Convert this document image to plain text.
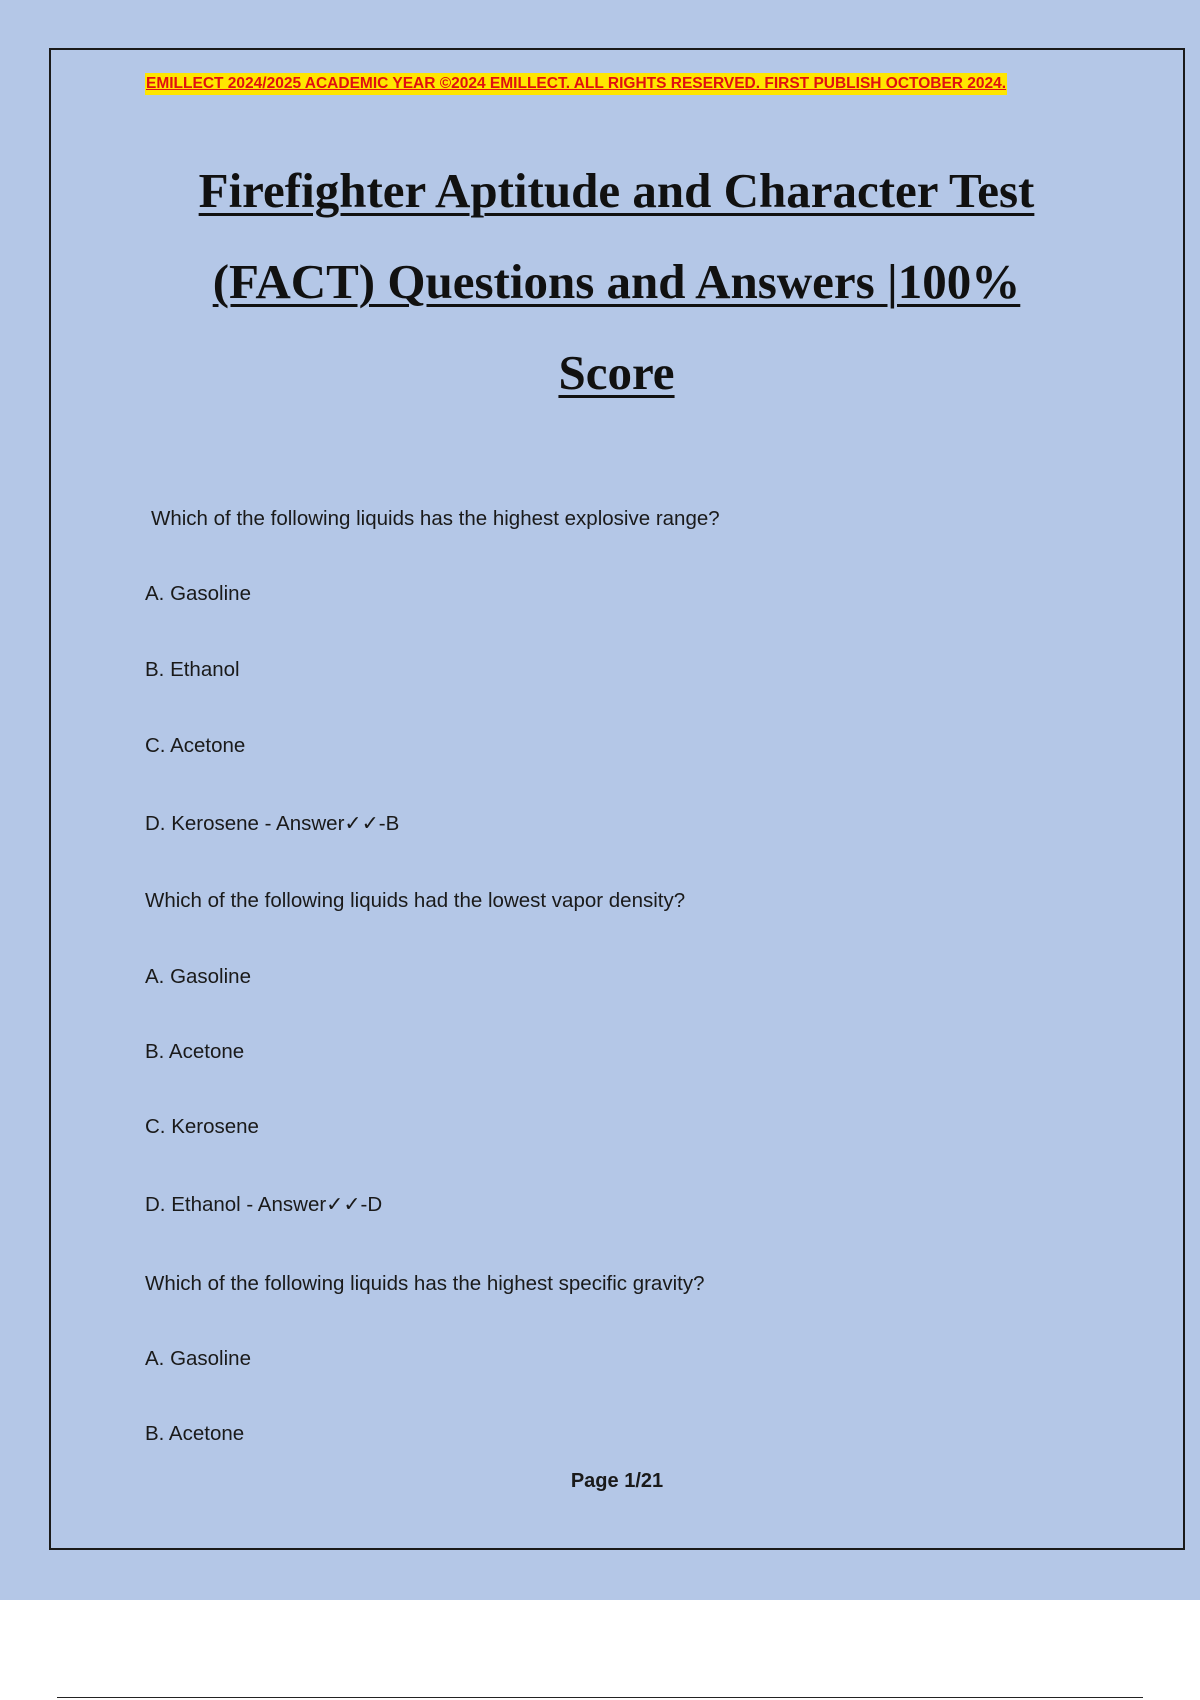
EMILLECT 2024/2025 ACADEMIC YEAR ©2024 EMILLECT. ALL RIGHTS RESERVED. FIRST PUBLISH OCTOBER 2024.
Firefighter Aptitude and Character Test
(FACT) Questions and Answers |100%
Score
Which of the following liquids has the highest explosive range?
A. Gasoline
B. Ethanol
C. Acetone
D. Kerosene - Answer✓✓-B
Which of the following liquids had the lowest vapor density?
A. Gasoline
B. Acetone
C. Kerosene
D. Ethanol - Answer✓✓-D
Which of the following liquids has the highest specific gravity?
A. Gasoline
B. Acetone
Page 1/21
